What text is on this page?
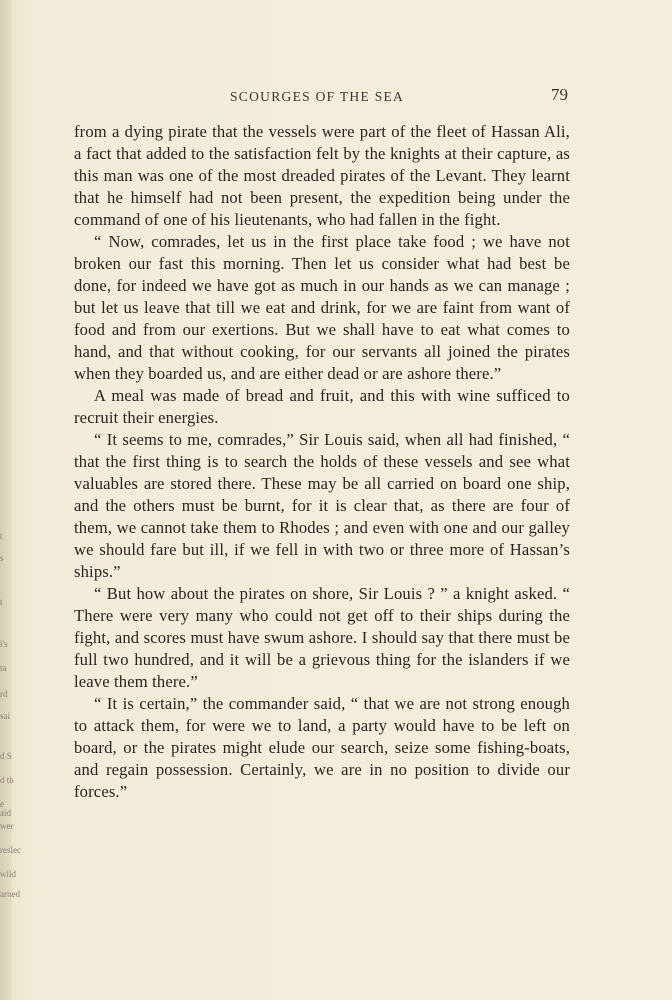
t
s
t
i's
ta
rd
sai
d S
d th
e aid
wer
reslec
wild
arned
SCOURGES OF THE SEA	79

from a dying pirate that the vessels were part of the fleet of Hassan Ali, a fact that added to the satisfaction felt by the knights at their capture, as this man was one of the most dreaded pirates of the Levant. They learnt that he himself had not been present, the expedition being under the command of one of his lieutenants, who had fallen in the fight.

“ Now, comrades, let us in the first place take food ; we have not broken our fast this morning. Then let us consider what had best be done, for indeed we have got as much in our hands as we can manage ; but let us leave that till we eat and drink, for we are faint from want of food and from our exertions. But we shall have to eat what comes to hand, and that without cooking, for our servants all joined the pirates when they boarded us, and are either dead or are ashore there.”

A meal was made of bread and fruit, and this with wine sufficed to recruit their energies.

“ It seems to me, comrades,” Sir Louis said, when all had finished, “ that the first thing is to search the holds of these vessels and see what valuables are stored there. These may be all carried on board one ship, and the others must be burnt, for it is clear that, as there are four of them, we cannot take them to Rhodes ; and even with one and our galley we should fare but ill, if we fell in with two or three more of Hassan’s ships.”

“ But how about the pirates on shore, Sir Louis ? ” a knight asked. “ There were very many who could not get off to their ships during the fight, and scores must have swum ashore. I should say that there must be full two hundred, and it will be a grievous thing for the islanders if we leave them there.”

“ It is certain,” the commander said, “ that we are not strong enough to attack them, for were we to land, a party would have to be left on board, or the pirates might elude our search, seize some fishing-boats, and regain possession. Certainly, we are in no position to divide our forces.”
